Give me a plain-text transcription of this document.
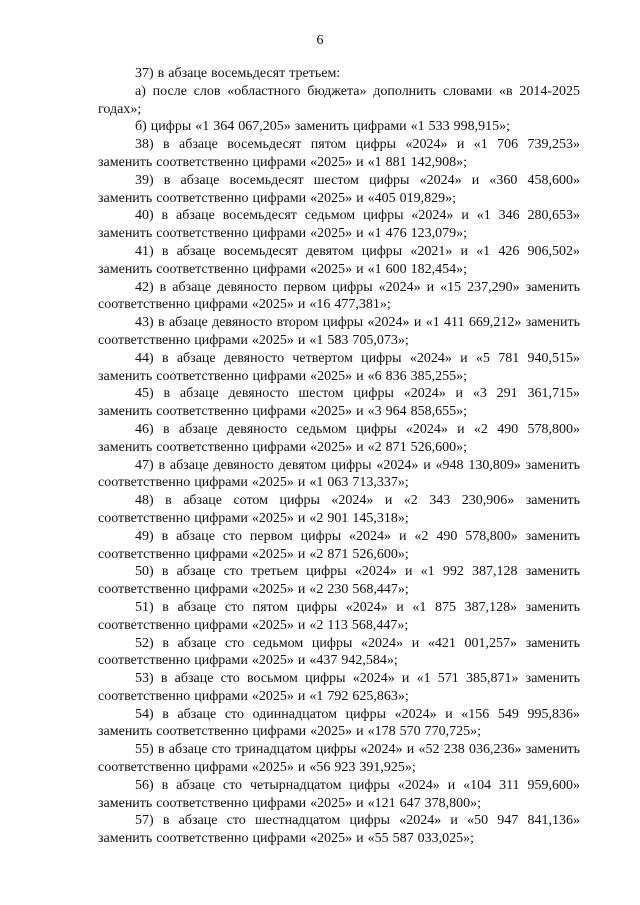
6

37) в абзаце восемьдесят третьем:

а) после слов «областного бюджета» дополнить словами «в 2014-2025 годах»;

б) цифры «1 364 067,205» заменить цифрами «1 533 998,915»;

38) в абзаце восемьдесят пятом цифры «2024» и «1 706 739,253» заменить соответственно цифрами «2025» и «1 881 142,908»;

39) в абзаце восемьдесят шестом цифры «2024» и «360 458,600» заменить соответственно цифрами «2025» и «405 019,829»;

40) в абзаце восемьдесят седьмом цифры «2024» и «1 346 280,653» заменить соответственно цифрами «2025» и «1 476 123,079»;

41) в абзаце восемьдесят девятом цифры «2021» и «1 426 906,502» заменить соответственно цифрами «2025» и «1 600 182,454»;

42) в абзаце девяносто первом цифры «2024» и «15 237,290» заменить соответственно цифрами «2025» и «16 477,381»;

43) в абзаце девяносто втором цифры «2024» и «1 411 669,212» заменить соответственно цифрами «2025» и «1 583 705,073»;

44) в абзаце девяносто четвертом цифры «2024» и «5 781 940,515» заменить соответственно цифрами «2025» и «6 836 385,255»;

45) в абзаце девяносто шестом цифры «2024» и «3 291 361,715» заменить соответственно цифрами «2025» и «3 964 858,655»;

46) в абзаце девяносто седьмом цифры «2024» и «2 490 578,800» заменить соответственно цифрами «2025» и «2 871 526,600»;

47) в абзаце девяносто девятом цифры «2024» и «948 130,809» заменить соответственно цифрами «2025» и «1 063 713,337»;

48) в абзаце сотом цифры «2024» и «2 343 230,906» заменить соответственно цифрами «2025» и «2 901 145,318»;

49) в абзаце сто первом цифры «2024» и «2 490 578,800» заменить соответственно цифрами «2025» и «2 871 526,600»;

50) в абзаце сто третьем цифры «2024» и «1 992 387,128 заменить соответственно цифрами «2025» и «2 230 568,447»;

51) в абзаце сто пятом цифры «2024» и «1 875 387,128» заменить соответственно цифрами «2025» и «2 113 568,447»;

52) в абзаце сто седьмом цифры «2024» и «421 001,257» заменить соответственно цифрами «2025» и «437 942,584»;

53) в абзаце сто восьмом цифры «2024» и «1 571 385,871» заменить соответственно цифрами «2025» и «1 792 625,863»;

54) в абзаце сто одиннадцатом цифры «2024» и «156 549 995,836» заменить соответственно цифрами «2025» и «178 570 770,725»;

55) в абзаце сто тринадцатом цифры «2024» и «52 238 036,236» заменить соответственно цифрами «2025» и «56 923 391,925»;

56) в абзаце сто четырнадцатом цифры «2024» и «104 311 959,600» заменить соответственно цифрами «2025» и «121 647 378,800»;

57) в абзаце сто шестнадцатом цифры «2024» и «50 947 841,136» заменить соответственно цифрами «2025» и «55 587 033,025»;
